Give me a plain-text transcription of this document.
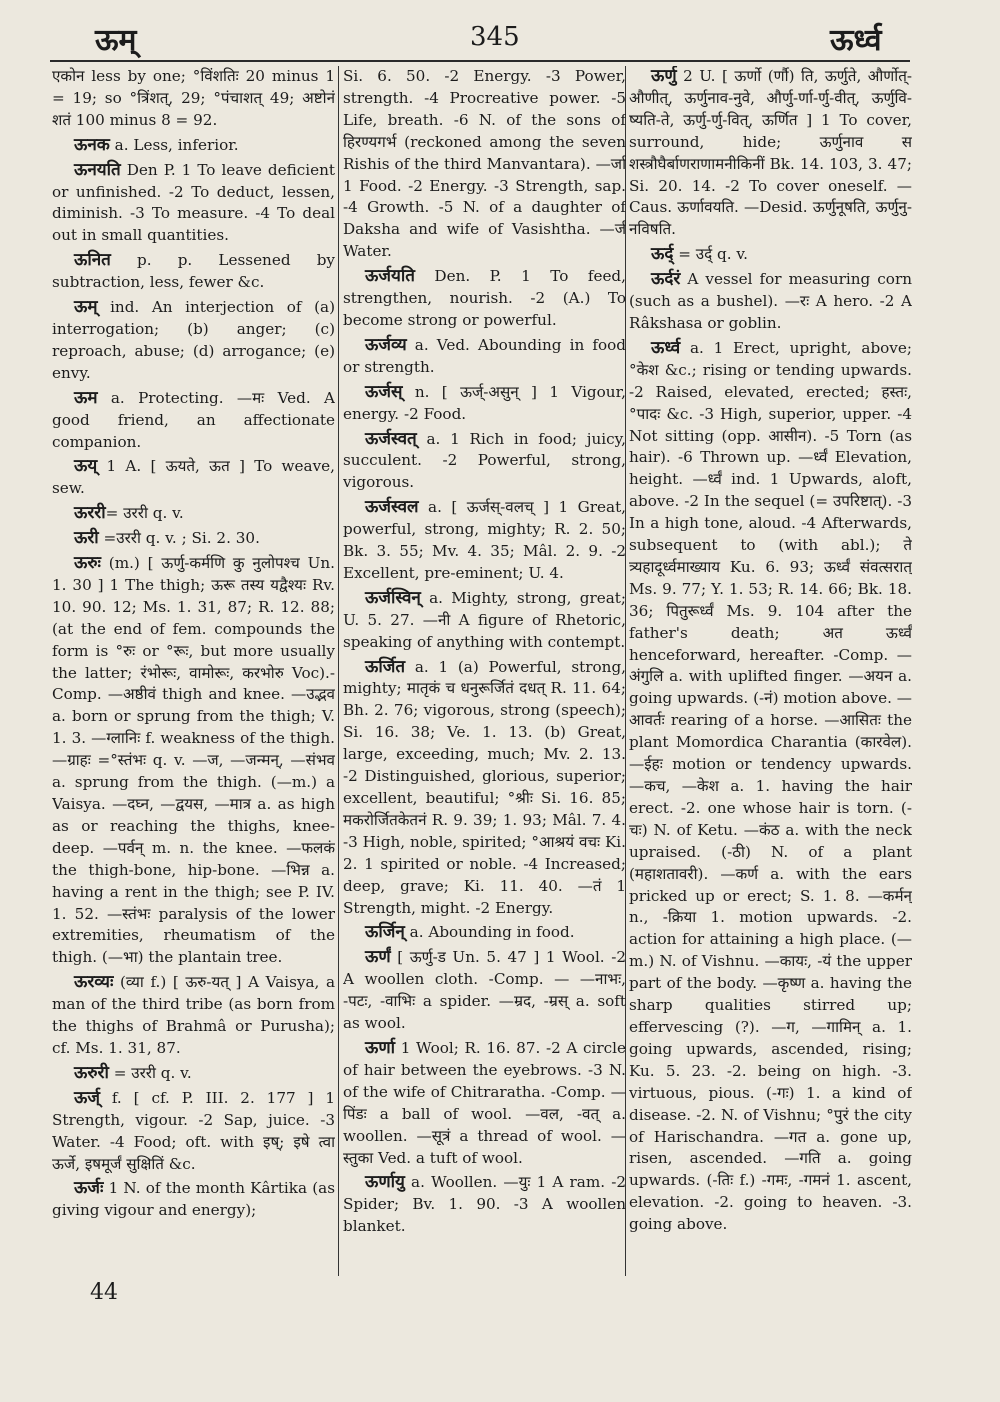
ऊम्	345	ऊर्ध्व

एकोन less by one; °विंशतिः 20 minus 1 = 19; so °त्रिंशत्, 29; °पंचाशत् 49; अष्टोनं शतं 100 minus 8 = 92.

ऊनक a. Less, inferior.

ऊनयति Den P. 1 To leave deficient or unfinished. -2 To deduct, lessen, diminish. -3 To measure. -4 To deal out in small quantities.

ऊनित p. p. Lessened by subtraction, less, fewer &c.

ऊम् ind. An interjection of (a) interrogation; (b) anger; (c) reproach, abuse; (d) arrogance; (e) envy.

ऊम a. Protecting. —मः Ved. A good friend, an affectionate companion.

ऊय् 1 A. [ ऊयते, ऊत ] To weave, sew.

ऊररी= उररी q. v.

ऊरी =उररी q. v. ; Si. 2. 30.

ऊरुः (m.) [ ऊर्णु-कर्मणि कु नुलोपश्च Un. 1. 30 ] 1 The thigh; ऊरू तस्य यद्वैश्यः Rv. 10. 90. 12; Ms. 1. 31, 87; R. 12. 88; (at the end of fem. compounds the form is °रुः or °रूः, but more usually the latter; रंभोरूः, वामोरूः, करभोरु Voc).-Comp. —अष्ठीवं thigh and knee. —उद्भव a. born or sprung from the thigh; V. 1. 3. —ग्लानिः f. weakness of the thigh. —ग्राहः =°स्तंभः q. v. —ज, —जन्मन्, —संभव a. sprung from the thigh. (—m.) a Vaisya. —दघ्न, —द्वयस, —मात्र a. as high as or reaching the thighs, knee-deep. —पर्वन् m. n. the knee. —फलकं the thigh-bone, hip-bone. —भिन्न a. having a rent in the thigh; see P. IV. 1. 52. —स्तंभः paralysis of the lower extremities, rheumatism of the thigh. (—भा) the plantain tree.

ऊरव्यः (व्या f.) [ ऊरु-यत् ] A Vaisya, a man of the third tribe (as born from the thighs of Brahmâ or Purusha); cf. Ms. 1. 31, 87.

ऊरुरी = उररी q. v.

ऊर्ज् f. [ cf. P. III. 2. 177 ] 1 Strength, vigour. -2 Sap, juice. -3 Water. -4 Food; oft. with इष्; इषे त्वा ऊर्जे, इषमूर्जं सुक्षितिं &c.

ऊर्जः 1 N. of the month Kârtika (as giving vigour and energy);

Si. 6. 50. -2 Energy. -3 Power, strength. -4 Procreative power. -5 Life, breath. -6 N. of the sons of हिरण्यगर्भ (reckoned among the seven Rishis of the third Manvantara). —र्जा 1 Food. -2 Energy. -3 Strength, sap. -4 Growth. -5 N. of a daughter of Daksha and wife of Vasishtha. —र्जं Water.

ऊर्जयति Den. P. 1 To feed, strengthen, nourish. -2 (A.) To become strong or powerful.

ऊर्जव्य a. Ved. Abounding in food or strength.

ऊर्जस् n. [ ऊर्ज्-असुन् ] 1 Vigour, energy. -2 Food.

ऊर्जस्वत् a. 1 Rich in food; juicy, succulent. -2 Powerful, strong, vigorous.

ऊर्जस्वल a. [ ऊर्जस्-वलच् ] 1 Great, powerful, strong, mighty; R. 2. 50; Bk. 3. 55; Mv. 4. 35; Mâl. 2. 9. -2 Excellent, pre-eminent; U. 4.

ऊर्जस्विन् a. Mighty, strong, great; U. 5. 27. —नी A figure of Rhetoric, speaking of anything with contempt.

ऊर्जित a. 1 (a) Powerful, strong, mighty; मातृकं च धनुरूर्जितं दधत् R. 11. 64; Bh. 2. 76; vigorous, strong (speech); Si. 16. 38; Ve. 1. 13. (b) Great, large, exceeding, much; Mv. 2. 13. -2 Distinguished, glorious, superior; excellent, beautiful; °श्रीः Si. 16. 85; मकरोर्जितकेतनं R. 9. 39; 1. 93; Mâl. 7. 4. -3 High, noble, spirited; °आश्रयं वचः Ki. 2. 1 spirited or noble. -4 Increased; deep, grave; Ki. 11. 40. —तं 1 Strength, might. -2 Energy.

ऊर्जिन् a. Abounding in food.

ऊर्णं [ ऊर्णु-ड Un. 5. 47 ] 1 Wool. -2 A woollen cloth. -Comp. — —नाभः, -पटः, -वाभिः a spider. —म्रद, -म्रस् a. soft as wool.

ऊर्णा 1 Wool; R. 16. 87. -2 A circle of hair between the eyebrows. -3 N. of the wife of Chitraratha. -Comp. —पिंडः a ball of wool. —वल, -वत् a. woollen. —सूत्रं a thread of wool. —स्तुका Ved. a tuft of wool.

ऊर्णायु a. Woollen. —युः 1 A ram. -2 Spider; Bv. 1. 90. -3 A woollen blanket.

ऊर्णु 2 U. [ ऊर्णो (र्णौ) ति, ऊर्णुते, और्णोत्-औणीत्, ऊर्णुनाव-नुवे, और्णु-र्णा-र्णु-वीत्, ऊर्णुवि-ष्यति-ते, ऊर्णु-र्णु-वित्, ऊर्णित ] 1 To cover, surround, hide; ऊर्णुनाव स शस्त्रौघैर्बाणराणामनीकिनीं Bk. 14. 103, 3. 47; Si. 20. 14. -2 To cover oneself. —Caus. ऊर्णावयति. —Desid. ऊर्णुनूषति, ऊर्णुनु-नविषति.

ऊर्द् = उर्द् q. v.

ऊर्दरं A vessel for measuring corn (such as a bushel). —रः A hero. -2 A Râkshasa or goblin.

ऊर्ध्व a. 1 Erect, upright, above; °केश &c.; rising or tending upwards. -2 Raised, elevated, erected; हस्तः, °पादः &c. -3 High, superior, upper. -4 Not sitting (opp. आसीन). -5 Torn (as hair). -6 Thrown up. —र्ध्वं Elevation, height. —र्ध्वं ind. 1 Upwards, aloft, above. -2 In the sequel (= उपरिष्टात्). -3 In a high tone, aloud. -4 Afterwards, subsequent to (with abl.); ते त्र्यहादूर्ध्वमाख्याय Ku. 6. 93; ऊर्ध्वं संवत्सरात् Ms. 9. 77; Y. 1. 53; R. 14. 66; Bk. 18. 36; पितुरूर्ध्वं Ms. 9. 104 after the father's death; अत ऊर्ध्वं henceforward, hereafter. -Comp. —अंगुलि a. with uplifted finger. —अयन a. going upwards. (-नं) motion above. —आवर्तः rearing of a horse. —आसितः the plant Momordica Charantia (कारवेल). —ईहः motion or tendency upwards. —कच, —केश a. 1. having the hair erect. -2. one whose hair is torn. (-चः) N. of Ketu. —कंठ a. with the neck upraised. (-ठी) N. of a plant (महाशतावरी). —कर्ण a. with the ears pricked up or erect; S. 1. 8. —कर्मन् n., -क्रिया 1. motion upwards. -2. action for attaining a high place. (—m.) N. of Vishnu. —कायः, -यं the upper part of the body. —कृष्ण a. having the sharp qualities stirred up; effervescing (?). —ग, —गामिन् a. 1. going upwards, ascended, rising; Ku. 5. 23. -2. being on high. -3. virtuous, pious. (-गः) 1. a kind of disease. -2. N. of Vishnu; °पुरं the city of Harischandra. —गत a. gone up, risen, ascended. —गति a. going upwards. (-तिः f.) -गमः, -गमनं 1. ascent, elevation. -2. going to heaven. -3. going above.

44
